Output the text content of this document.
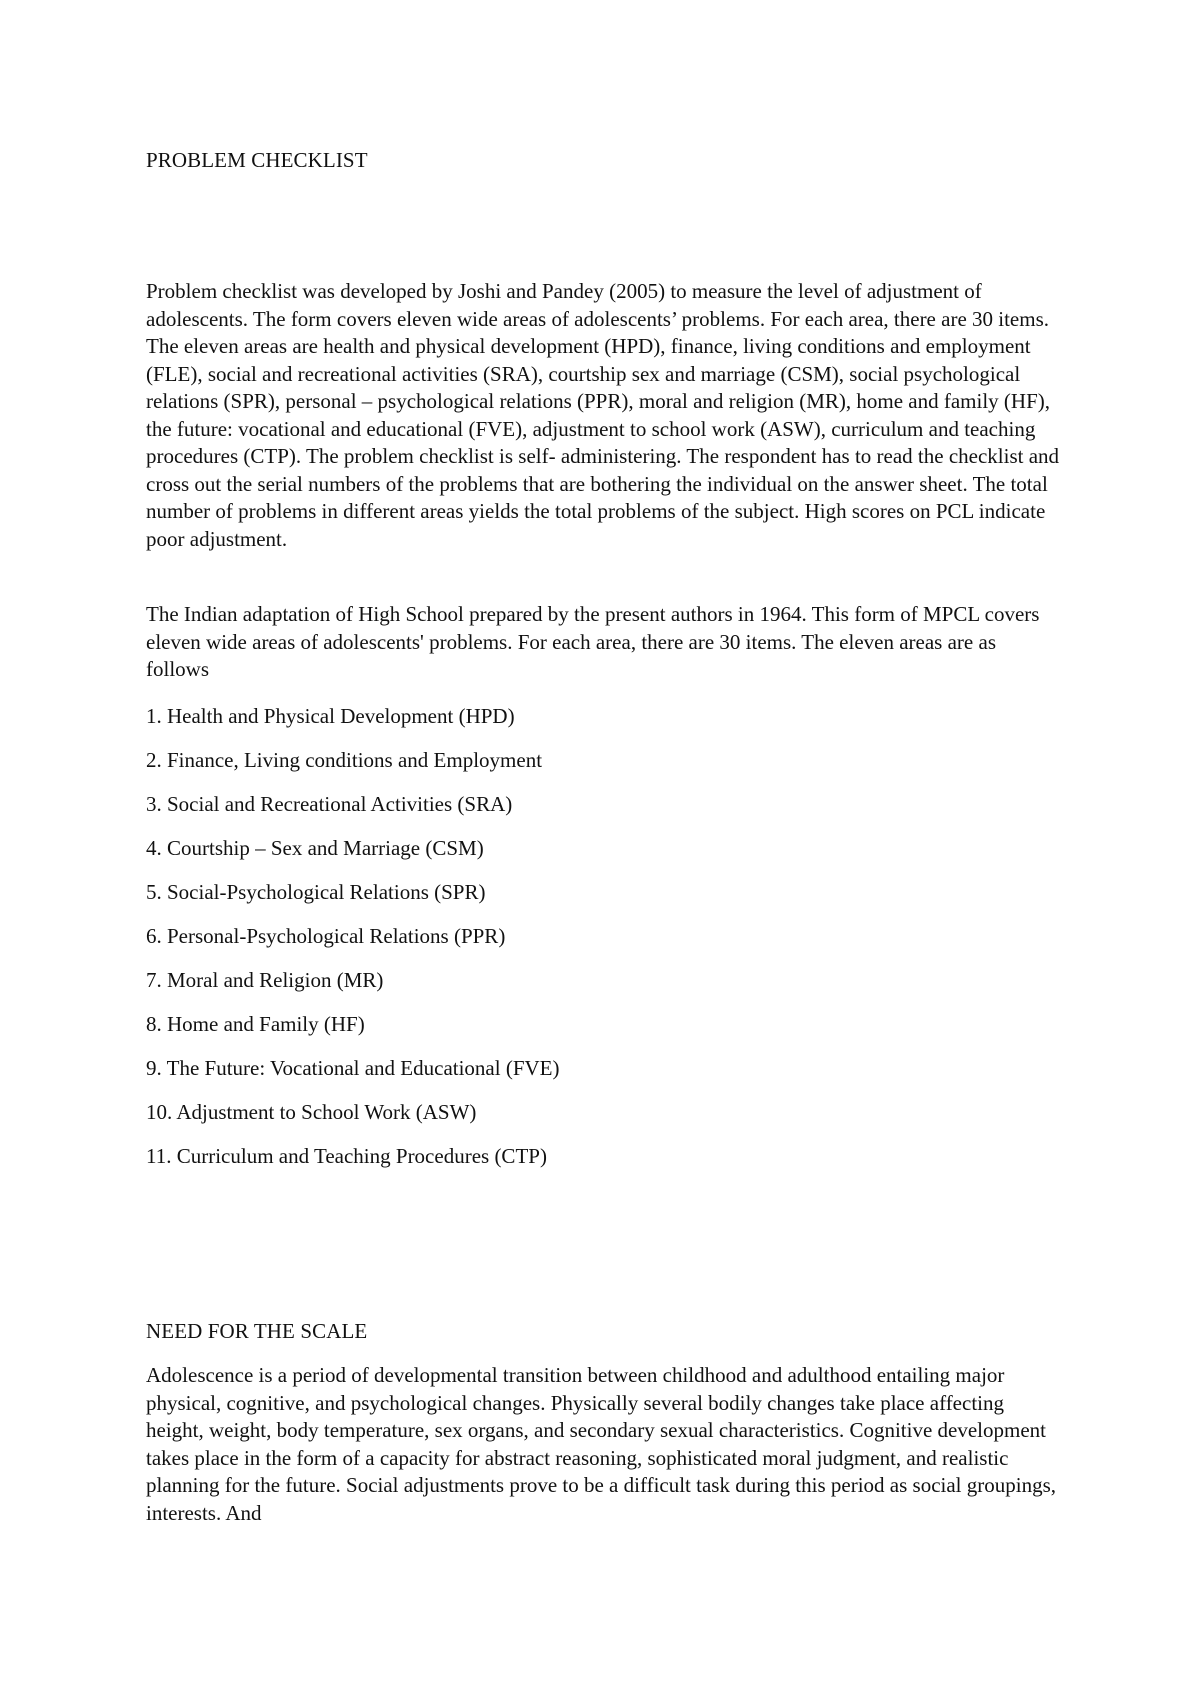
PROBLEM CHECKLIST

Problem checklist was developed by Joshi and Pandey (2005) to measure the level of adjustment of adolescents. The form covers eleven wide areas of adolescents’ problems. For each area, there are 30 items. The eleven areas are health and physical development (HPD), finance, living conditions and employment (FLE), social and recreational activities (SRA), courtship sex and marriage (CSM), social psychological relations (SPR), personal – psychological relations (PPR), moral and religion (MR), home and family (HF), the future: vocational and educational (FVE), adjustment to school work (ASW), curriculum and teaching procedures (CTP). The problem checklist is self- administering. The respondent has to read the checklist and cross out the serial numbers of the problems that are bothering the individual on the answer sheet. The total number of problems in different areas yields the total problems of the subject. High scores on PCL indicate poor adjustment.

The Indian adaptation of High School prepared by the present authors in 1964. This form of MPCL covers eleven wide areas of adolescents' problems. For each area, there are 30 items. The eleven areas are as follows

1. Health and Physical Development (HPD)
2. Finance, Living conditions and Employment
3. Social and Recreational Activities (SRA)
4. Courtship – Sex and Marriage (CSM)
5. Social-Psychological Relations (SPR)
6. Personal-Psychological Relations (PPR)
7. Moral and Religion (MR)
8. Home and Family (HF)
9. The Future: Vocational and Educational (FVE)
10. Adjustment to School Work (ASW)
11. Curriculum and Teaching Procedures (CTP)
NEED FOR THE SCALE

Adolescence is a period of developmental transition between childhood and adulthood entailing major physical, cognitive, and psychological changes. Physically several bodily changes take place affecting height, weight, body temperature, sex organs, and secondary sexual characteristics. Cognitive development takes place in the form of a capacity for abstract reasoning, sophisticated moral judgment, and realistic planning for the future. Social adjustments prove to be a difficult task during this period as social groupings, interests. And
